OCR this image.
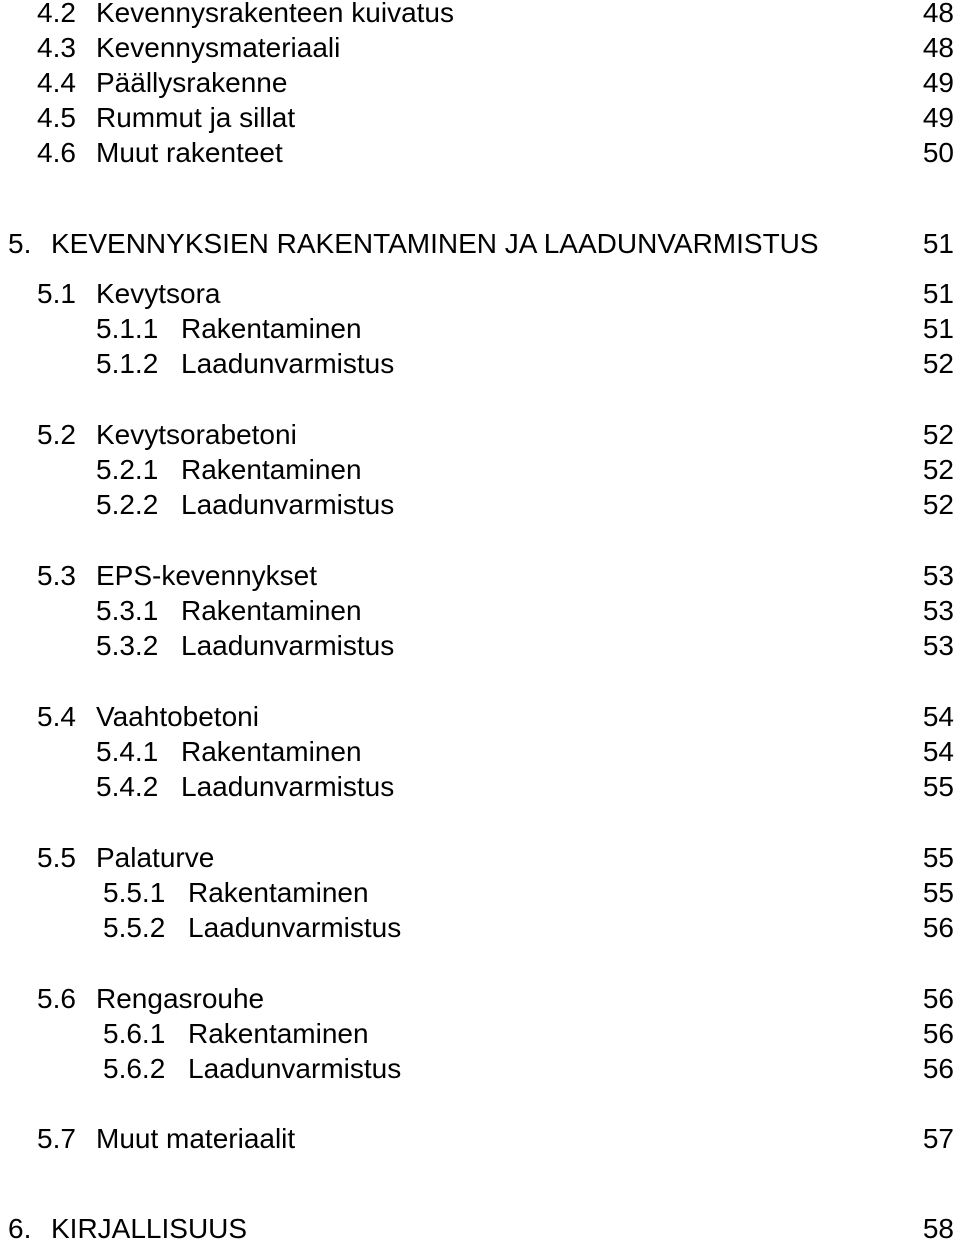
4.2 Kevennysrakenteen kuivatus	48
4.3 Kevennysmateriaali	48
4.4 Päällysrakenne	49
4.5 Rummut ja sillat	49
4.6 Muut rakenteet	50
5. KEVENNYKSIEN RAKENTAMINEN JA LAADUNVARMISTUS	51
5.1 Kevytsora	51
5.1.1 Rakentaminen	51
5.1.2 Laadunvarmistus	52
5.2 Kevytsorabetoni	52
5.2.1 Rakentaminen	52
5.2.2 Laadunvarmistus	52
5.3 EPS-kevennykset	53
5.3.1 Rakentaminen	53
5.3.2 Laadunvarmistus	53
5.4 Vaahtobetoni	54
5.4.1 Rakentaminen	54
5.4.2 Laadunvarmistus	55
5.5 Palaturve	55
5.5.1 Rakentaminen	55
5.5.2 Laadunvarmistus	56
5.6 Rengasrouhe	56
5.6.1 Rakentaminen	56
5.6.2 Laadunvarmistus	56
5.7 Muut materiaalit	57
6. KIRJALLISUUS	58
